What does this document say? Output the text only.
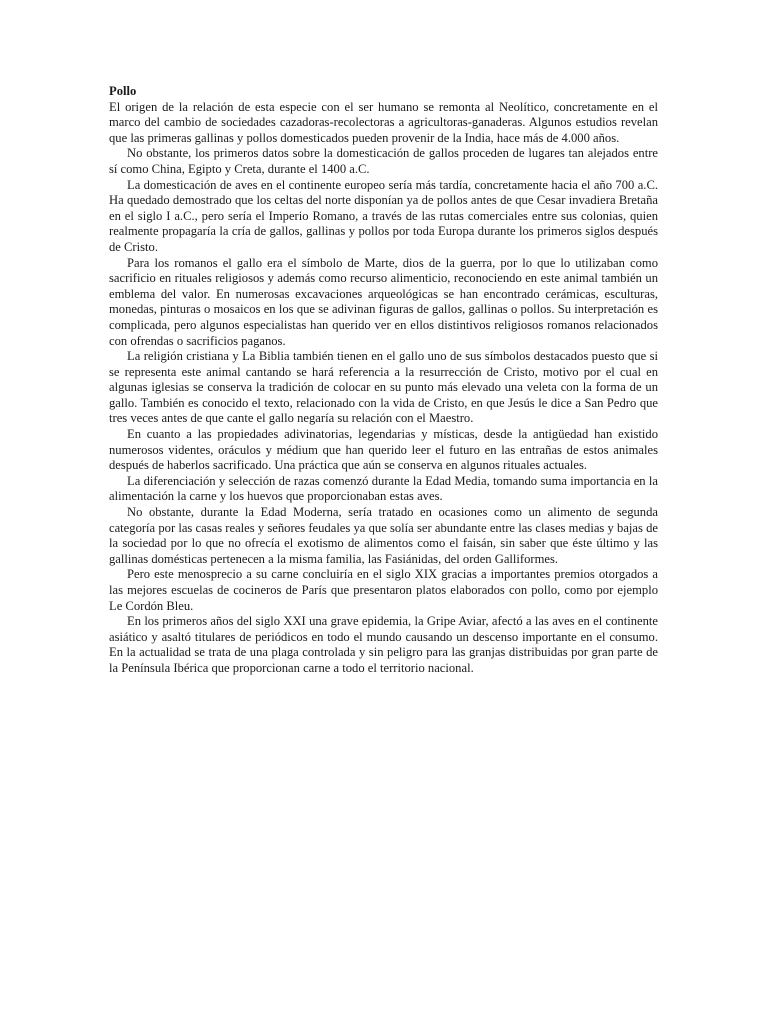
Pollo

El origen de la relación de esta especie con el ser humano se remonta al Neolítico, concretamente en el marco del cambio de sociedades cazadoras-recolectoras a agricultoras-ganaderas. Algunos estudios revelan que las primeras gallinas y pollos domesticados pueden provenir de la India, hace más de 4.000 años.

No obstante, los primeros datos sobre la domesticación de gallos proceden de lugares tan alejados entre sí como China, Egipto y Creta, durante el 1400 a.C.

La domesticación de aves en el continente europeo sería más tardía, concretamente hacia el año 700 a.C. Ha quedado demostrado que los celtas del norte disponían ya de pollos antes de que Cesar invadiera Bretaña en el siglo I a.C., pero sería el Imperio Romano, a través de las rutas comerciales entre sus colonias, quien realmente propagaría la cría de gallos, gallinas y pollos por toda Europa durante los primeros siglos después de Cristo.

Para los romanos el gallo era el símbolo de Marte, dios de la guerra, por lo que lo utilizaban como sacrificio en rituales religiosos y además como recurso alimenticio, reconociendo en este animal también un emblema del valor. En numerosas excavaciones arqueológicas se han encontrado cerámicas, esculturas, monedas, pinturas o mosaicos en los que se adivinan figuras de gallos, gallinas o pollos. Su interpretación es complicada, pero algunos especialistas han querido ver en ellos distintivos religiosos romanos relacionados con ofrendas o sacrificios paganos.

La religión cristiana y La Biblia también tienen en el gallo uno de sus símbolos destacados puesto que si se representa este animal cantando se hará referencia a la resurrección de Cristo, motivo por el cual en algunas iglesias se conserva la tradición de colocar en su punto más elevado una veleta con la forma de un gallo. También es conocido el texto, relacionado con la vida de Cristo, en que Jesús le dice a San Pedro que tres veces antes de que cante el gallo negaría su relación con el Maestro.

En cuanto a las propiedades adivinatorias, legendarias y místicas, desde la antigüedad han existido numerosos videntes, oráculos y médium que han querido leer el futuro en las entrañas de estos animales después de haberlos sacrificado. Una práctica que aún se conserva en algunos rituales actuales.

La diferenciación y selección de razas comenzó durante la Edad Media, tomando suma importancia en la alimentación la carne y los huevos que proporcionaban estas aves.

No obstante, durante la Edad Moderna, sería tratado en ocasiones como un alimento de segunda categoría por las casas reales y señores feudales ya que solía ser abundante entre las clases medias y bajas de la sociedad por lo que no ofrecía el exotismo de alimentos como el faisán, sin saber que éste último y las gallinas domésticas pertenecen a la misma familia, las Fasiánidas, del orden Galliformes.

Pero este menosprecio a su carne concluiría en el siglo XIX gracias a importantes premios otorgados a las mejores escuelas de cocineros de París que presentaron platos elaborados con pollo, como por ejemplo Le Cordón Bleu.

En los primeros años del siglo XXI una grave epidemia, la Gripe Aviar, afectó a las aves en el continente asiático y asaltó titulares de periódicos en todo el mundo causando un descenso importante en el consumo. En la actualidad se trata de una plaga controlada y sin peligro para las granjas distribuidas por gran parte de la Península Ibérica que proporcionan carne a todo el territorio nacional.
